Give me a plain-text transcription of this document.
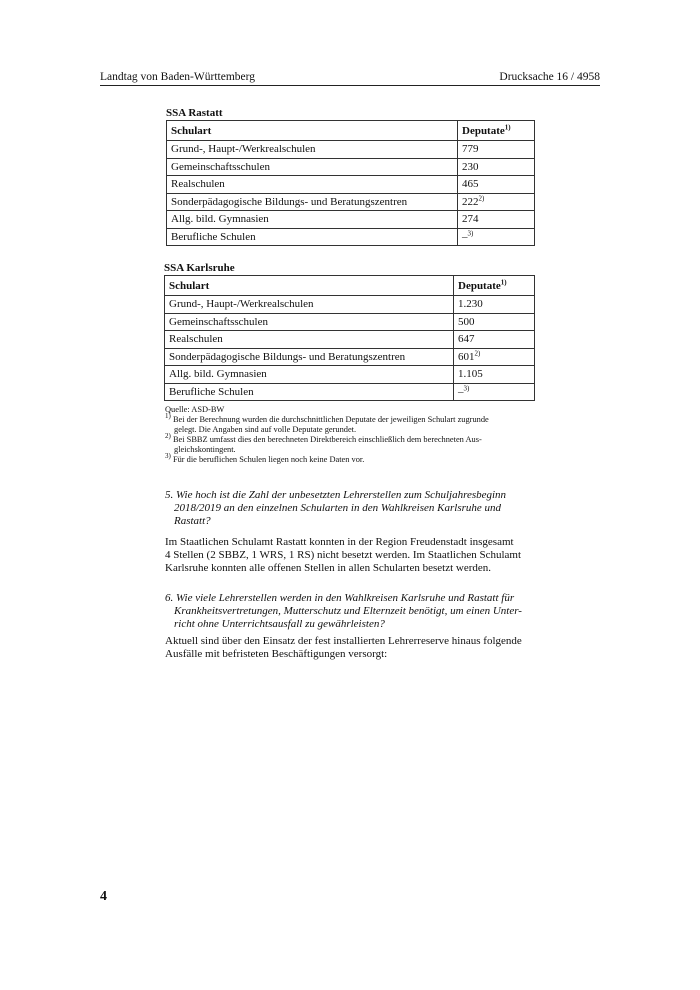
Landtag von Baden-Württemberg	Drucksache 16 / 4958
SSA Rastatt
Schulart	Deputate$^{1)}$
Grund-, Haupt-/Werkrealschulen	779
Gemeinschaftsschulen	230
Realschulen	465
Sonderpädagogische Bildungs- und Beratungszentren	222$^{2)}$
Allg. bild. Gymnasien	274
Berufliche Schulen	–$^{3)}$
SSA Karlsruhe
Schulart	Deputate$^{1)}$
Grund-, Haupt-/Werkrealschulen	1.230
Gemeinschaftsschulen	500
Realschulen	647
Sonderpädagogische Bildungs- und Beratungszentren	601$^{2)}$
Allg. bild. Gymnasien	1.105
Berufliche Schulen	–$^{3)}$

Quelle: ASD-BW

$^{1)}$ Bei der Berechnung wurden die durchschnittlichen Deputate der jeweiligen Schulart zugrunde

gelegt. Die Angaben sind auf volle Deputate gerundet.

$^{2)}$ Bei SBBZ umfasst dies den berechneten Direktbereich einschließlich dem berechneten Aus-

gleichskontingent.

$^{3)}$ Für die beruflichen Schulen liegen noch keine Daten vor.

5. Wie hoch ist die Zahl der unbesetzten Lehrerstellen zum Schuljahresbeginn
2018/2019 an den einzelnen Schularten in den Wahlkreisen Karlsruhe und
Rastatt?
Im Staatlichen Schulamt Rastatt konnten in der Region Freudenstadt insgesamt
4 Stellen (2 SBBZ, 1 WRS, 1 RS) nicht besetzt werden. Im Staatlichen Schulamt
Karlsruhe konnten alle offenen Stellen in allen Schularten besetzt werden.
6. Wie viele Lehrerstellen werden in den Wahlkreisen Karlsruhe und Rastatt für
Krankheitsvertretungen, Mutterschutz und Elternzeit benötigt, um einen Unter-
richt ohne Unterrichtsausfall zu gewährleisten?
Aktuell sind über den Einsatz der fest installierten Lehrerreserve hinaus folgende
Ausfälle mit befristeten Beschäftigungen versorgt:
4
